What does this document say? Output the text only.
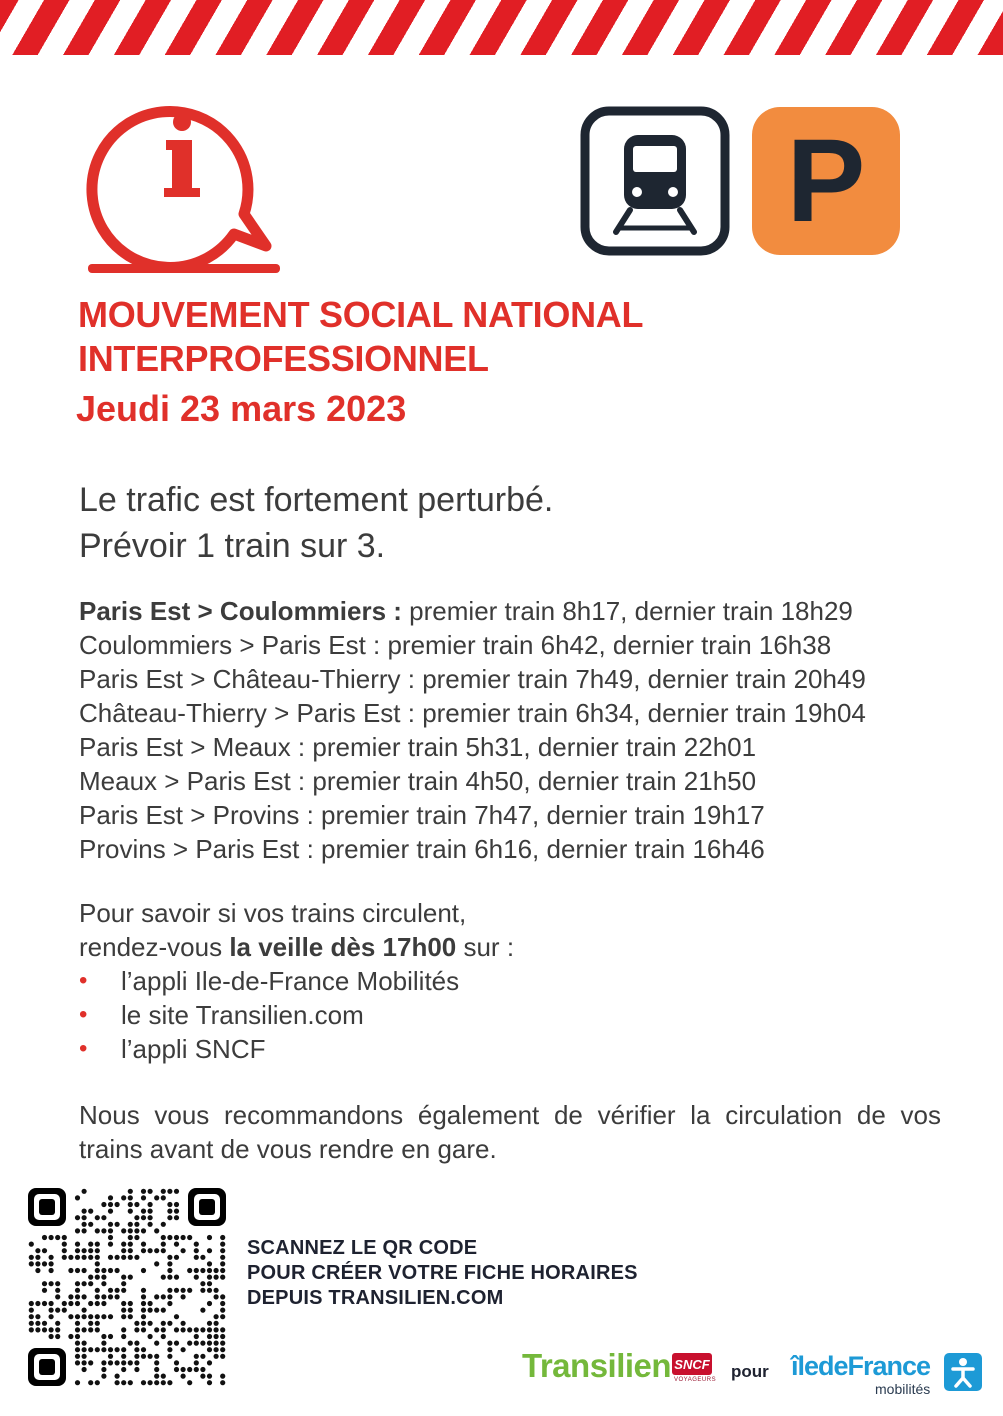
P
MOUVEMENT SOCIAL NATIONAL
INTERPROFESSIONNEL
Jeudi 23 mars 2023
Le trafic est fortement perturbé.
Prévoir 1 train sur 3.
Paris Est > Coulommiers : premier train 8h17, dernier train 18h29
Coulommiers > Paris Est : premier train 6h42, dernier train 16h38
Paris Est > Château-Thierry : premier train 7h49, dernier train 20h49
Château-Thierry > Paris Est : premier train 6h34, dernier train 19h04
Paris Est > Meaux : premier train 5h31, dernier train 22h01
Meaux > Paris Est : premier train 4h50, dernier train 21h50
Paris Est > Provins : premier train 7h47, dernier train 19h17
Provins > Paris Est : premier train 6h16, dernier train 16h46
Pour savoir si vos trains circulent,
rendez-vous la veille dès 17h00 sur :
• l’appli Ile-de-France Mobilités
• le site Transilien.com
• l’appli SNCF
Nous vous recommandons également de vérifier la circulation de vos trains avant de vous rendre en gare.
SCANNEZ LE QR CODE
POUR CRÉER VOTRE FICHE HORAIRES
DEPUIS TRANSILIEN.COM
Transilien SNCF
VOYAGEURS pour îledeFrance
mobilités
